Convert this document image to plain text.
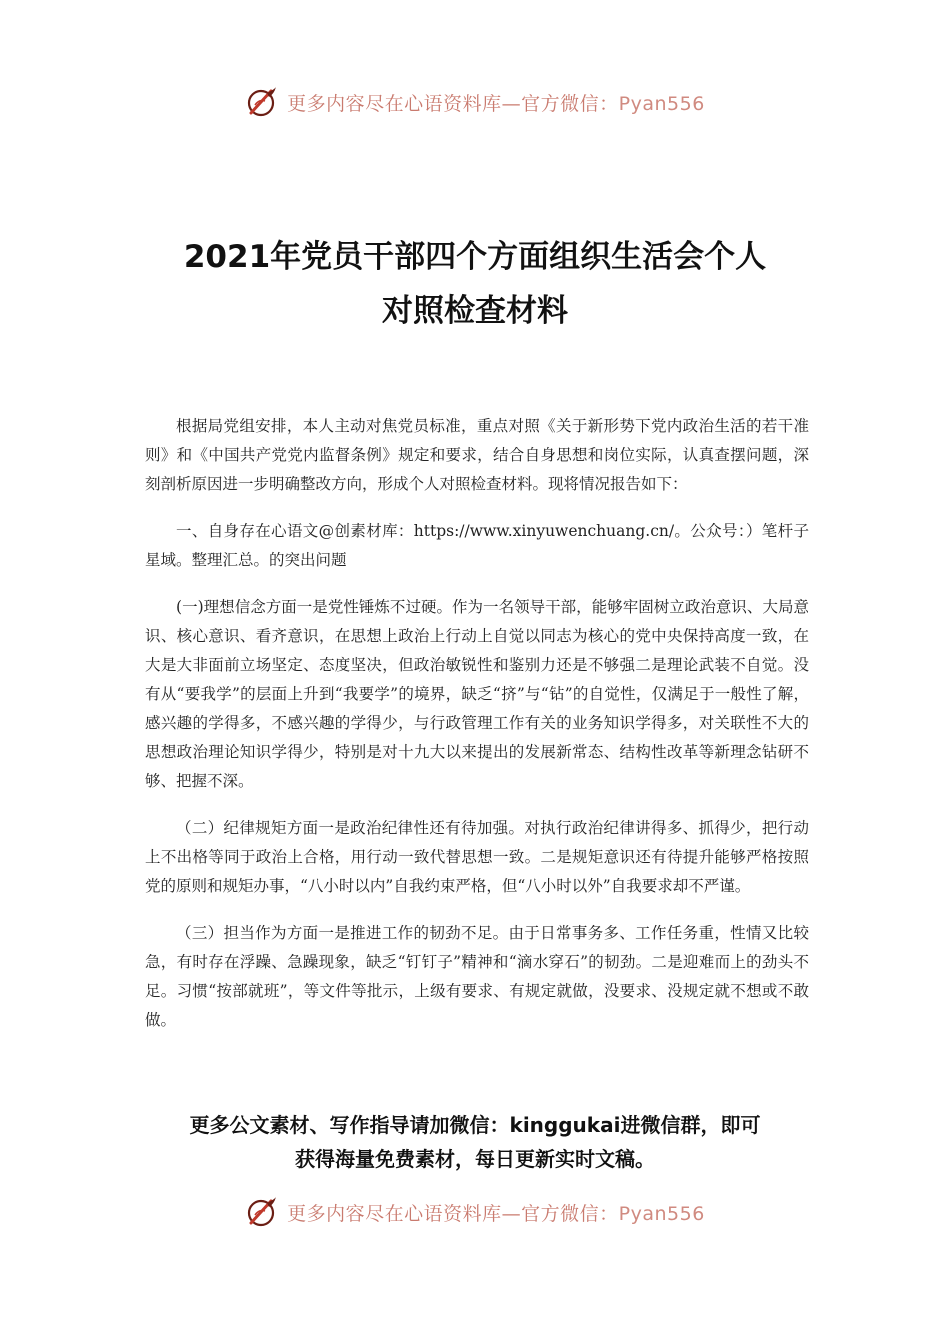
更多内容尽在心语资料库—官方微信：Pyan556
2021年党员干部四个方面组织生活会个人
对照检查材料

根据局党组安排，本人主动对焦党员标准，重点对照《关于新形势下党内政治生活的若干准则》和《中国共产党党内监督条例》规定和要求，结合自身思想和岗位实际，认真查摆问题，深刻剖析原因进一步明确整改方向，形成个人对照检查材料。现将情况报告如下：

一、自身存在心语文@创素材库：https://www.xinyuwenchuang.cn/。公众号：）笔杆子星域。整理汇总。的突出问题

(一)理想信念方面一是党性锤炼不过硬。作为一名领导干部，能够牢固树立政治意识、大局意识、核心意识、看齐意识，在思想上政治上行动上自觉以同志为核心的党中央保持高度一致，在大是大非面前立场坚定、态度坚决，但政治敏锐性和鉴别力还是不够强二是理论武装不自觉。没有从“要我学”的层面上升到“我要学”的境界，缺乏“挤”与“钻”的自觉性，仅满足于一般性了解，感兴趣的学得多，不感兴趣的学得少，与行政管理工作有关的业务知识学得多，对关联性不大的思想政治理论知识学得少，特别是对十九大以来提出的发展新常态、结构性改革等新理念钻研不够、把握不深。

（二）纪律规矩方面一是政治纪律性还有待加强。对执行政治纪律讲得多、抓得少，把行动上不出格等同于政治上合格，用行动一致代替思想一致。二是规矩意识还有待提升能够严格按照党的原则和规矩办事，“八小时以内”自我约束严格，但“八小时以外”自我要求却不严谨。

（三）担当作为方面一是推进工作的韧劲不足。由于日常事务多、工作任务重，性情又比较急，有时存在浮躁、急躁现象，缺乏“钉钉子”精神和“滴水穿石”的韧劲。二是迎难而上的劲头不足。习惯“按部就班”，等文件等批示，上级有要求、有规定就做，没要求、没规定就不想或不敢做。

更多公文素材、写作指导请加微信：kinggukai进微信群，即可
获得海量免费素材，每日更新实时文稿。

更多内容尽在心语资料库—官方微信：Pyan556
